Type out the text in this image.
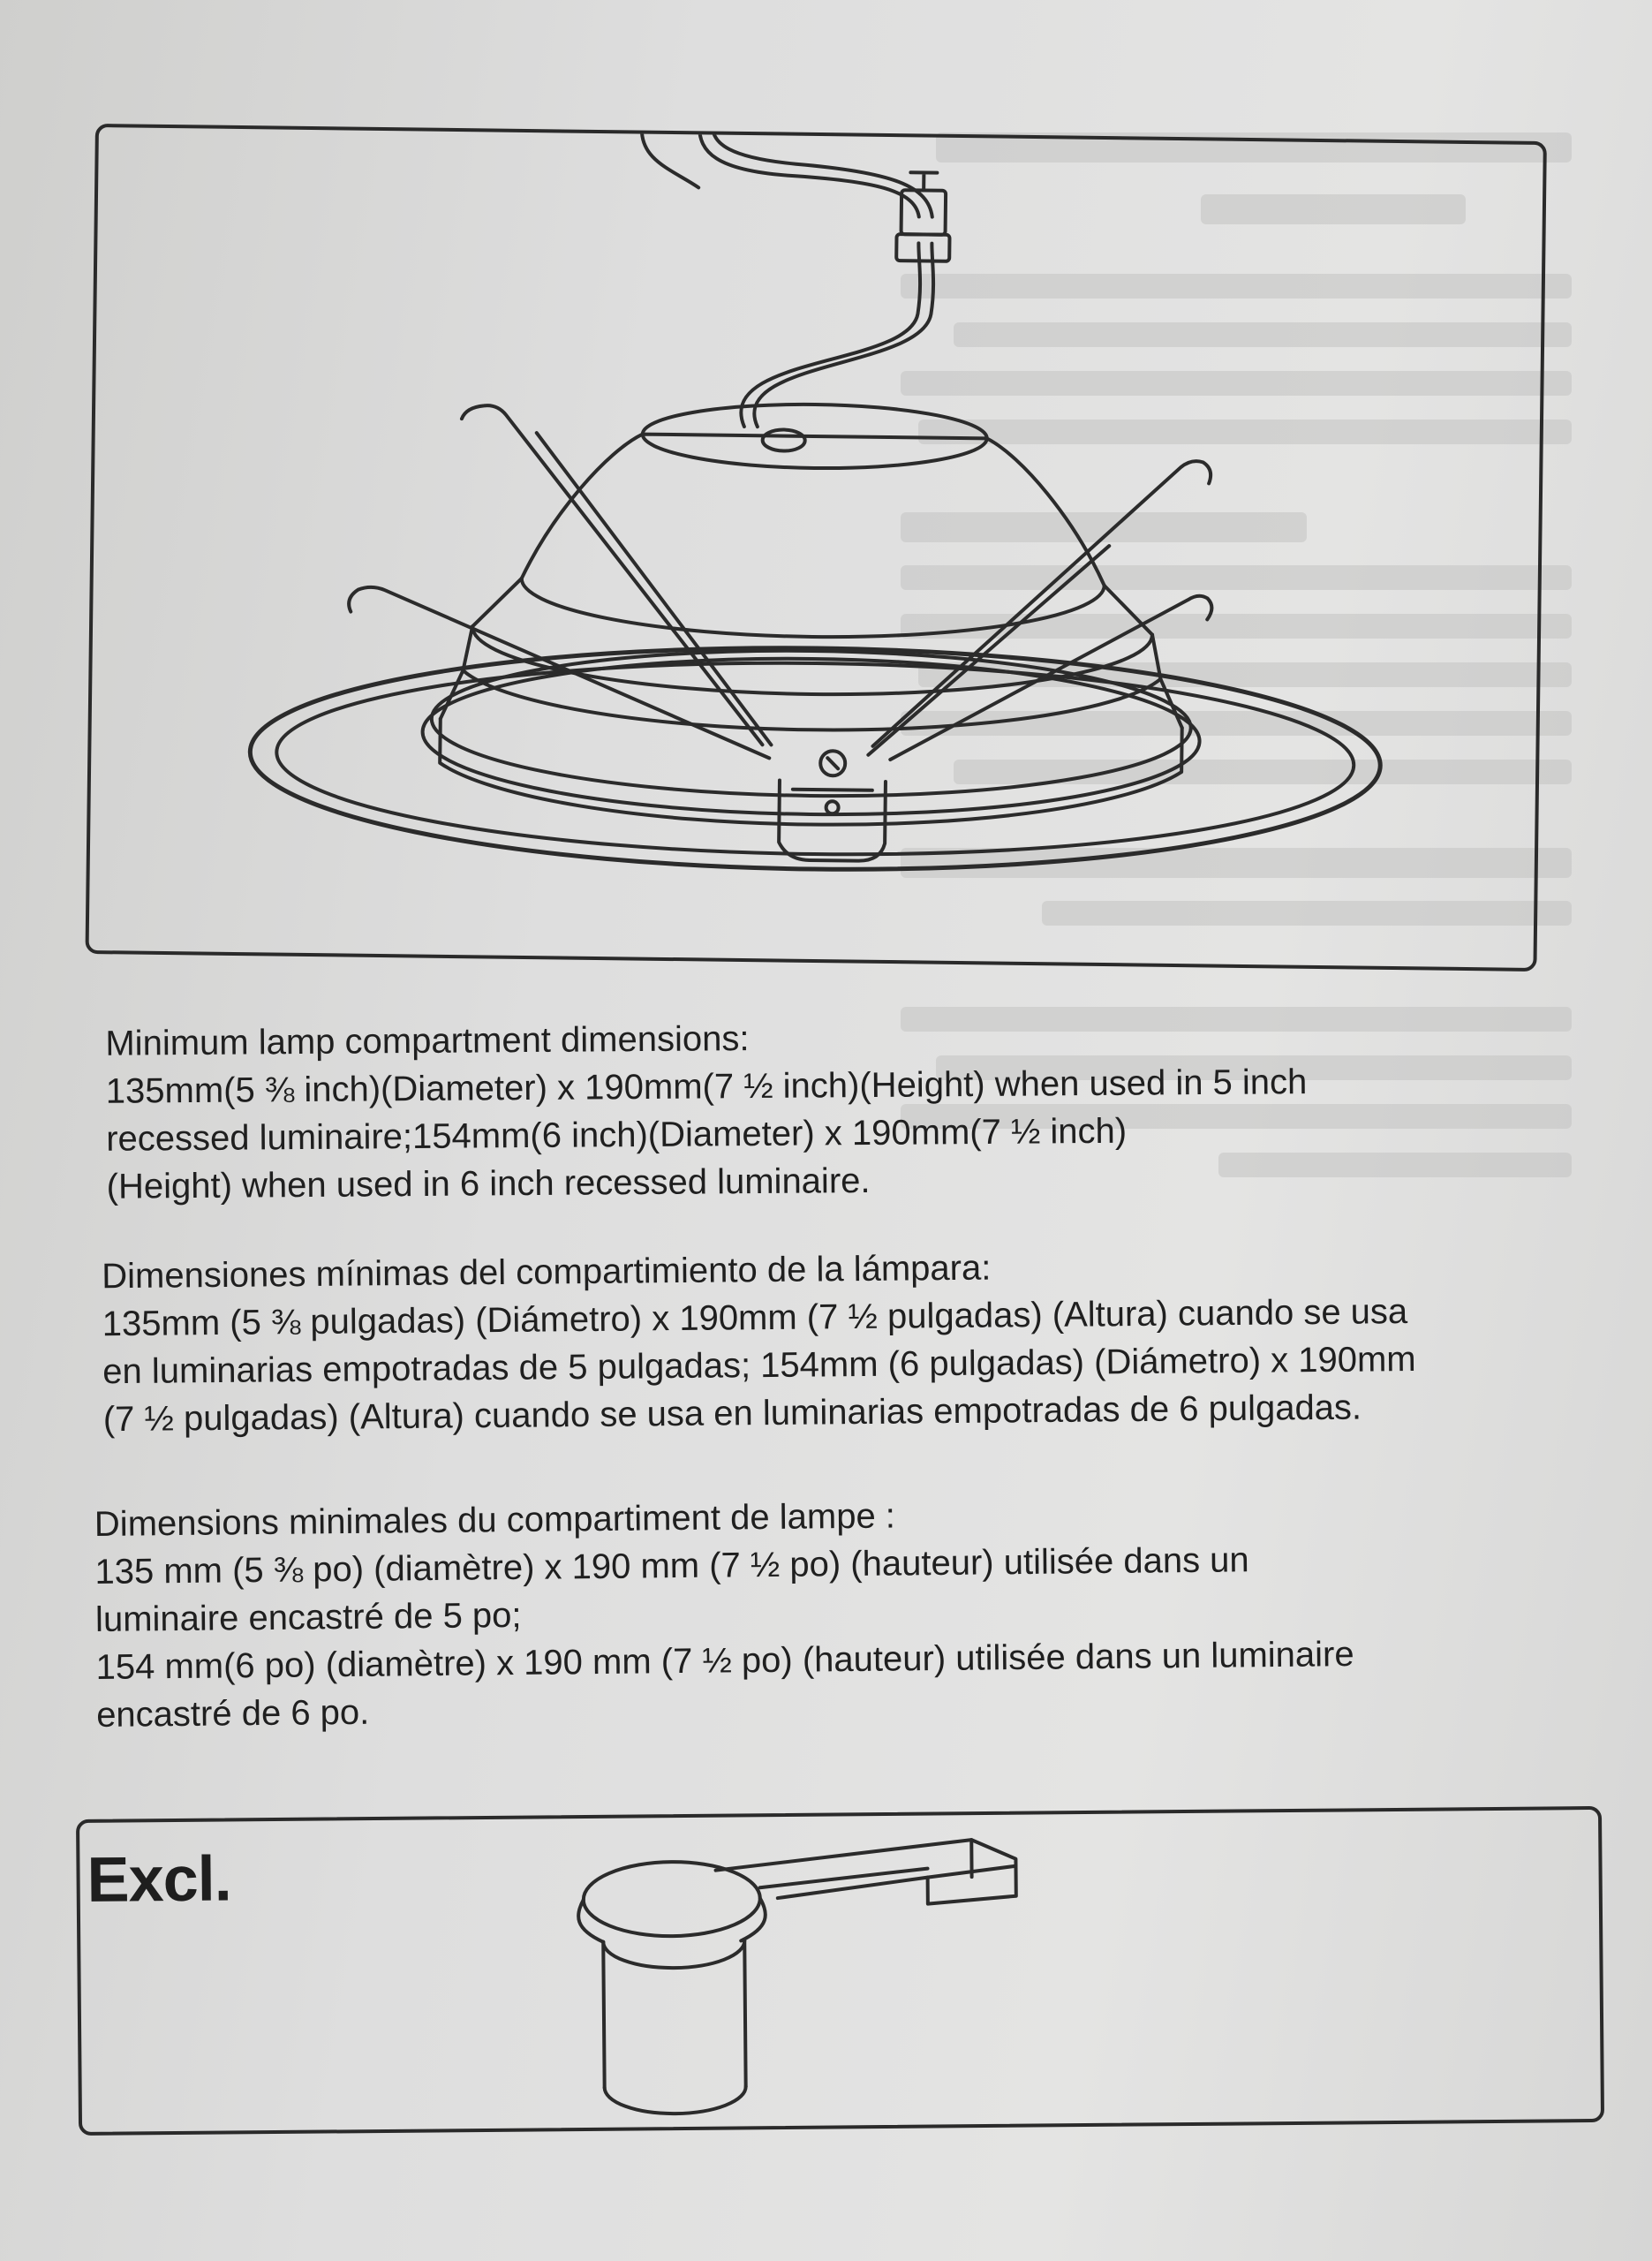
Minimum lamp compartment dimensions:

135mm(5 ⅜ inch)(Diameter) x 190mm(7 ½ inch)(Height) when used in 5 inch

recessed luminaire;154mm(6 inch)(Diameter) x 190mm(7 ½ inch)

(Height) when used in 6 inch recessed luminaire.

Dimensiones mínimas del compartimiento de la lámpara:

135mm (5 ⅜ pulgadas) (Diámetro) x 190mm (7 ½ pulgadas) (Altura) cuando se usa

en luminarias empotradas de 5 pulgadas; 154mm (6 pulgadas) (Diámetro) x 190mm

(7 ½ pulgadas) (Altura) cuando se usa en luminarias empotradas de 6 pulgadas.

Dimensions minimales du compartiment de lampe :

135 mm (5 ⅜ po) (diamètre) x 190 mm (7 ½ po) (hauteur) utilisée dans un

luminaire encastré de 5 po;

154 mm(6 po) (diamètre) x 190 mm (7 ½ po) (hauteur) utilisée dans un luminaire

encastré de 6 po.

Excl.
